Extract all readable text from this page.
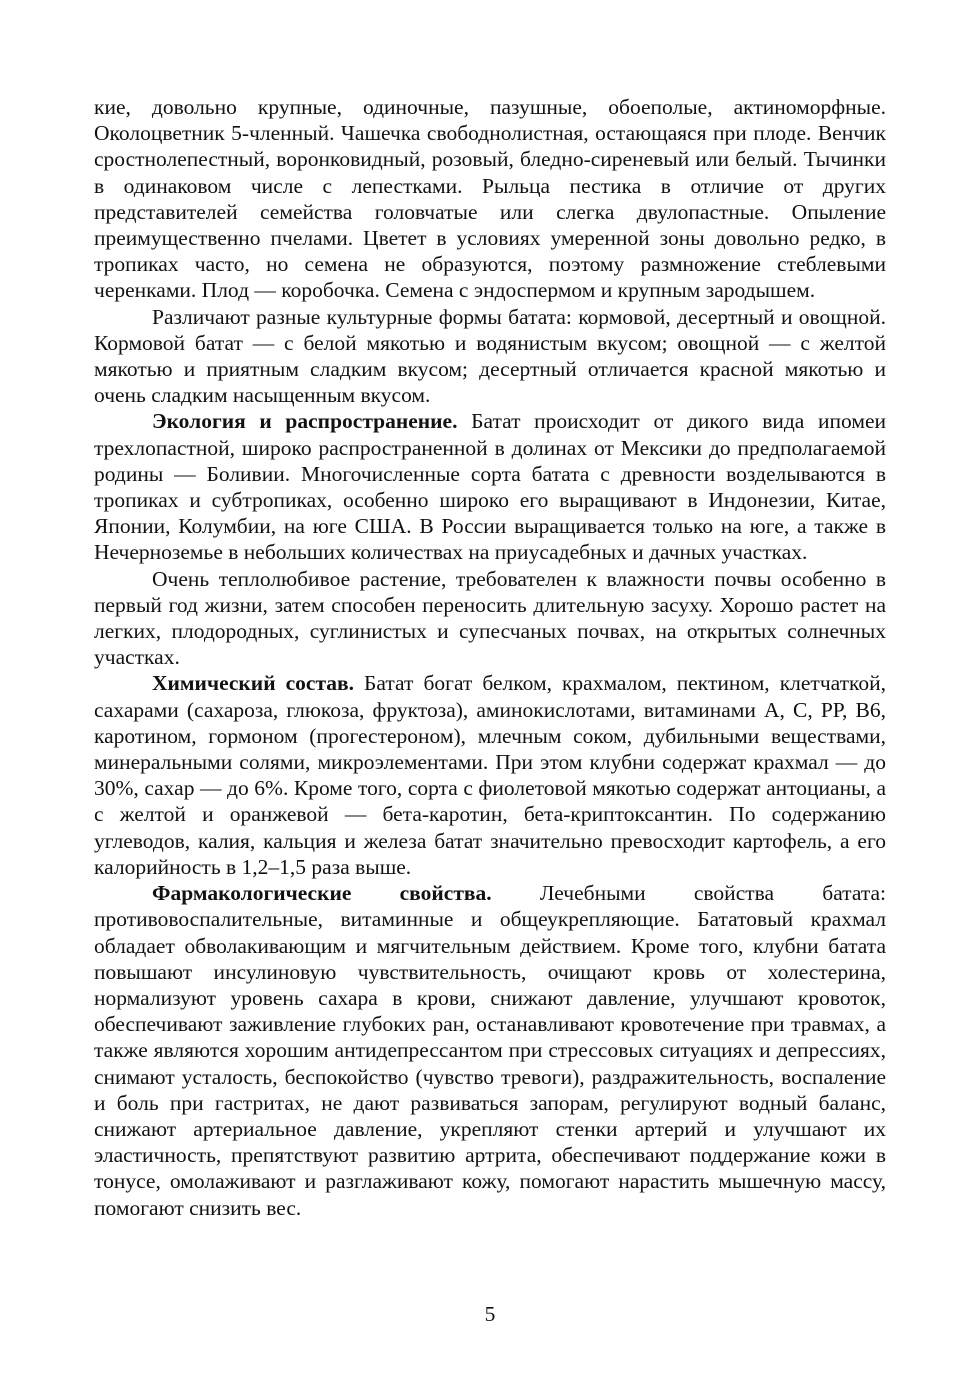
кие, довольно крупные, одиночные, пазушные, обоеполые, актиноморфные. Околоцветник 5-членный. Чашечка свободнолистная, остающаяся при плоде. Венчик сростнолепестный, воронковидный, розовый, бледно-сиреневый или белый. Тычинки в одинаковом числе с лепестками. Рыльца пестика в отличие от других представителей семейства головчатые или слегка двулопастные. Опыление преимущественно пчелами. Цветет в условиях умеренной зоны довольно редко, в тропиках часто, но семена не образуются, поэтому размножение стеблевыми черенками. Плод — коробочка. Семена с эндоспермом и крупным зародышем.

Различают разные культурные формы батата: кормовой, десертный и овощной. Кормовой батат — с белой мякотью и водянистым вкусом; овощной — с желтой мякотью и приятным сладким вкусом; десертный отличается красной мякотью и очень сладким насыщенным вкусом.

Экология и распространение. Батат происходит от дикого вида ипомеи трехлопастной, широко распространенной в долинах от Мексики до предполагаемой родины — Боливии. Многочисленные сорта батата с древности возделываются в тропиках и субтропиках, особенно широко его выращивают в Индонезии, Китае, Японии, Колумбии, на юге США. В России выращивается только на юге, а также в Нечерноземье в небольших количествах на приусадебных и дачных участках.

Очень теплолюбивое растение, требователен к влажности почвы особенно в первый год жизни, затем способен переносить длительную засуху. Хорошо растет на легких, плодородных, суглинистых и супесчаных почвах, на открытых солнечных участках.

Химический состав. Батат богат белком, крахмалом, пектином, клетчаткой, сахарами (сахароза, глюкоза, фруктоза), аминокислотами, витаминами А, С, РР, В6, каротином, гормоном (прогестероном), млечным соком, дубильными веществами, минеральными солями, микроэлементами. При этом клубни содержат крахмал — до 30%, сахар — до 6%. Кроме того, сорта с фиолетовой мякотью содержат антоцианы, а с желтой и оранжевой — бета-каротин, бета-криптоксантин. По содержанию углеводов, калия, кальция и железа батат значительно превосходит картофель, а его калорийность в 1,2–1,5 раза выше.

Фармакологические свойства. Лечебными свойства батата: противовоспалительные, витаминные и общеукрепляющие. Бататовый крахмал обладает обволакивающим и мягчительным действием. Кроме того, клубни батата повышают инсулиновую чувствительность, очищают кровь от холестерина, нормализуют уровень сахара в крови, снижают давление, улучшают кровоток, обеспечивают заживление глубоких ран, останавливают кровотечение при травмах, а также являются хорошим антидепрессантом при стрессовых ситуациях и депрессиях, снимают усталость, беспокойство (чувство тревоги), раздражительность, воспаление и боль при гастритах, не дают развиваться запорам, регулируют водный баланс, снижают артериальное давление, укрепляют стенки артерий и улучшают их эластичность, препятствуют развитию артрита, обеспечивают поддержание кожи в тонусе, омолаживают и разглаживают кожу, помогают нарастить мышечную массу, помогают снизить вес.

5
